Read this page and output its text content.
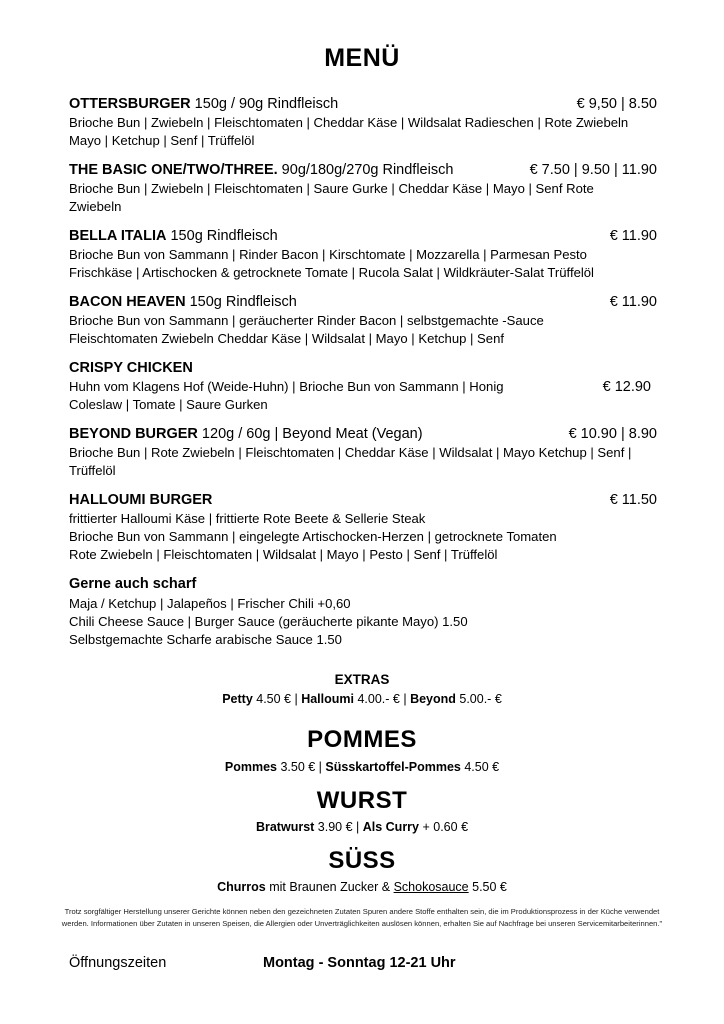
MENÜ
OTTERSBURGER 150g / 90g Rindfleisch	€ 9,50 | 8.50
Brioche Bun | Zwiebeln | Fleischtomaten | Cheddar Käse | Wildsalat Radieschen | Rote Zwiebeln
Mayo | Ketchup | Senf | Trüffelöl
THE BASIC ONE/TWO/THREE. 90g/180g/270g Rindfleisch	€ 7.50 | 9.50 | 11.90
Brioche Bun | Zwiebeln | Fleischtomaten | Saure Gurke | Cheddar Käse | Mayo | Senf Rote
Zwiebeln
BELLA ITALIA 150g Rindfleisch	€ 11.90
Brioche Bun von Sammann | Rinder Bacon | Kirschtomate | Mozzarella | Parmesan Pesto
Frischkäse | Artischocken & getrocknete Tomate | Rucola Salat | Wildkräuter-Salat Trüffelöl
BACON HEAVEN 150g Rindfleisch	€ 11.90
Brioche Bun von Sammann | geräucherter Rinder Bacon | selbstgemachte -Sauce
Fleischtomaten Zwiebeln Cheddar Käse | Wildsalat | Mayo | Ketchup | Senf
CRISPY CHICKEN
Huhn vom Klagens Hof (Weide-Huhn) | Brioche Bun von Sammann | Honig	€ 12.90
Coleslaw | Tomate | Saure Gurken
BEYOND BURGER 120g / 60g | Beyond Meat (Vegan)	€ 10.90 | 8.90
Brioche Bun | Rote Zwiebeln | Fleischtomaten | Cheddar Käse | Wildsalat | Mayo Ketchup | Senf |
Trüffelöl
HALLOUMI BURGER	€ 11.50
frittierter Halloumi Käse | frittierte Rote Beete & Sellerie Steak
Brioche Bun von Sammann | eingelegte Artischocken-Herzen | getrocknete Tomaten
Rote Zwiebeln | Fleischtomaten | Wildsalat | Mayo | Pesto | Senf | Trüffelöl
Gerne auch scharf
Maja / Ketchup | Jalapeños | Frischer Chili +0,60
Chili Cheese Sauce | Burger Sauce (geräucherte pikante Mayo) 1.50
Selbstgemachte Scharfe arabische Sauce 1.50
EXTRAS
Petty 4.50 € | Halloumi 4.00.- € | Beyond 5.00.- €
POMMES
Pommes 3.50 € | Süsskartoffel-Pommes 4.50 €
WURST
Bratwurst 3.90 € | Als Curry + 0.60 €
SÜSS
Churros mit Braunen Zucker & Schokosauce 5.50 €
Trotz sorgfältiger Herstellung unserer Gerichte können neben den gezeichneten Zutaten Spuren andere Stoffe enthalten sein, die im Produktionsprozess in der Küche verwendet werden. Informationen über Zutaten in unseren Speisen, die Allergien oder Unverträglichkeiten auslösen können, erhalten Sie auf Nachfrage bei unseren Servicemitarbeiterinnen."
Öffnungszeiten	Montag - Sonntag 12-21 Uhr
